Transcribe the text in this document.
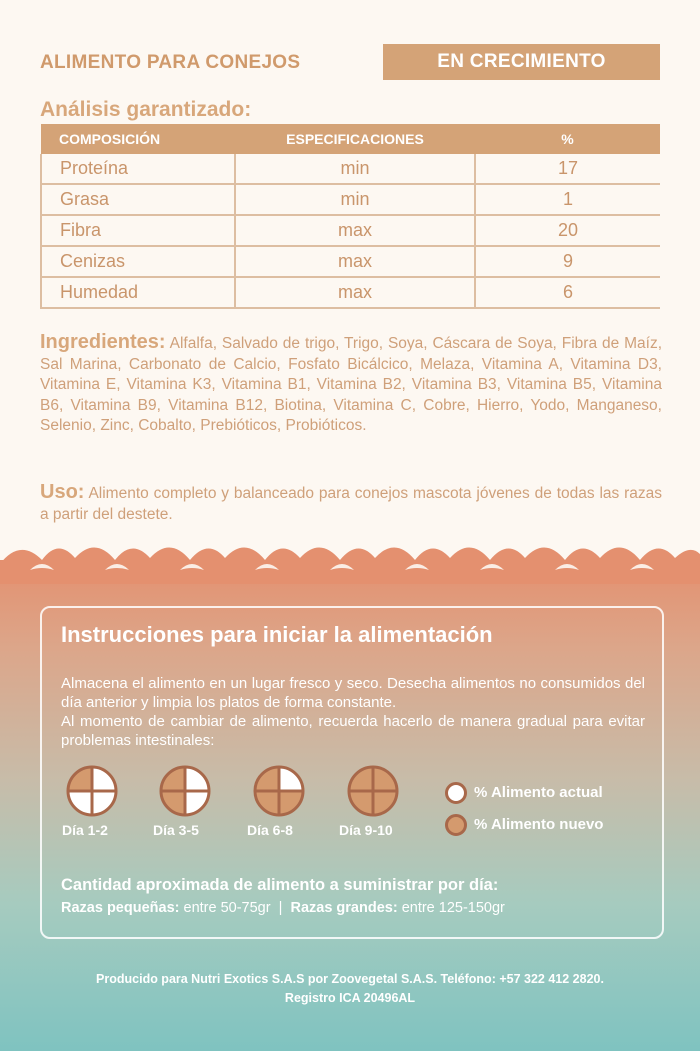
ALIMENTO PARA CONEJOS	EN CRECIMIENTO
Análisis garantizado:
COMPOSICIÓN	ESPECIFICACIONES	%
Proteína	min	17
Grasa	min	1
Fibra	max	20
Cenizas	max	9
Humedad	max	6
Ingredientes: Alfalfa, Salvado de trigo, Trigo, Soya, Cáscara de Soya, Fibra de Maíz, Sal Marina, Carbonato de Calcio, Fosfato Bicálcico, Melaza, Vitamina A, Vitamina D3, Vitamina E, Vitamina K3, Vitamina B1, Vitamina B2, Vitamina B3, Vitamina B5, Vitamina B6, Vitamina B9, Vitamina B12, Biotina, Vitamina C, Cobre, Hierro, Yodo, Manganeso, Selenio, Zinc, Cobalto, Prebióticos, Probióticos.
Uso: Alimento completo y balanceado para conejos mascota jóvenes de todas las razas a partir del destete.
Instrucciones para iniciar la alimentación
Almacena el alimento en un lugar fresco y seco. Desecha alimentos no consumidos del día anterior y limpia los platos de forma constante.
Al momento de cambiar de alimento, recuerda hacerlo de manera gradual para evitar problemas intestinales:
Día 1-2	Día 3-5	Día 6-8	Día 9-10
% Alimento actual
% Alimento nuevo
Cantidad aproximada de alimento a suministrar por día:
Razas pequeñas: entre 50-75gr | Razas grandes: entre 125-150gr
Producido para Nutri Exotics S.A.S por Zoovegetal S.A.S. Teléfono: +57 322 412 2820.
Registro ICA 20496AL
